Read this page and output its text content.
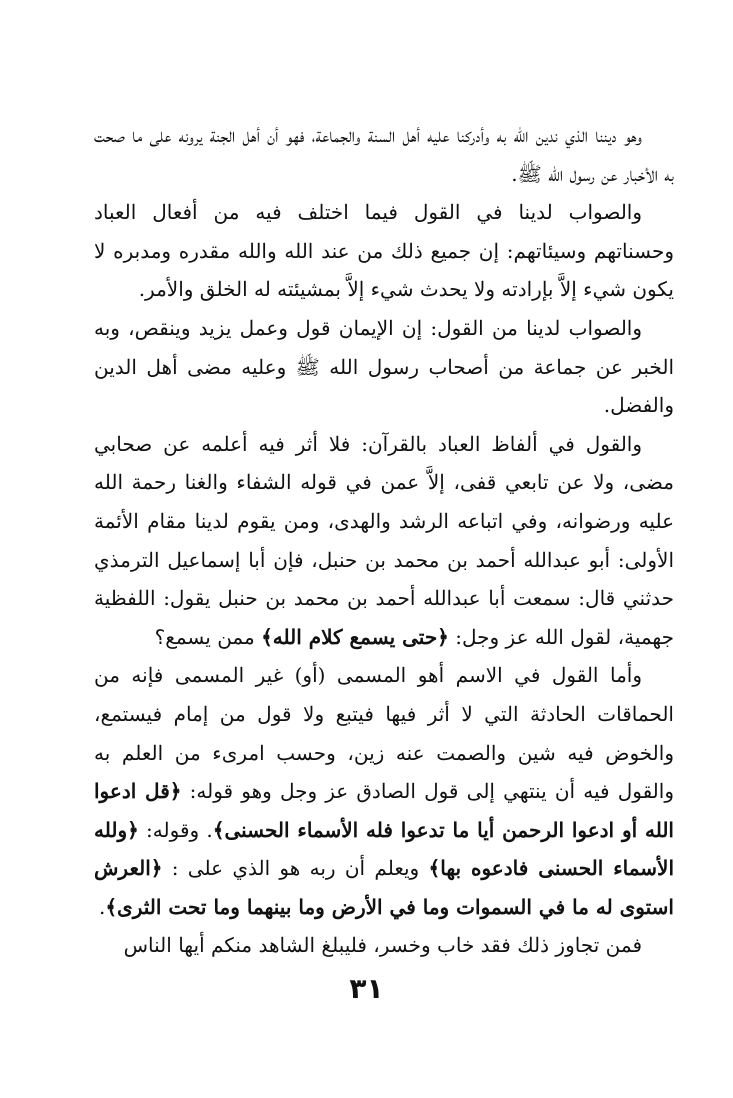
وهو ديننا الذي ندين الله به وأدركنا عليه أهل السنة والجماعة، فهو أن أهل الجنة يرونه على ما صحت به الأخبار عن رسول الله ﷺ.

والصواب لدينا في القول فيما اختلف فيه من أفعال العباد وحسناتهم وسيئاتهم: إن جميع ذلك من عند الله والله مقدره ومدبره لا يكون شيء إلاَّ بإرادته ولا يحدث شيء إلاَّ بمشيئته له الخلق والأمر.

والصواب لدينا من القول: إن الإيمان قول وعمل يزيد وينقص، وبه الخبر عن جماعة من أصحاب رسول الله ﷺ وعليه مضى أهل الدين والفضل.

والقول في ألفاظ العباد بالقرآن: فلا أثر فيه أعلمه عن صحابي مضى، ولا عن تابعي قفى، إلاَّ عمن في قوله الشفاء والغنا رحمة الله عليه ورضوانه، وفي اتباعه الرشد والهدى، ومن يقوم لدينا مقام الأئمة الأولى: أبو عبدالله أحمد بن محمد بن حنبل، فإن أبا إسماعيل الترمذي حدثني قال: سمعت أبا عبدالله أحمد بن محمد بن حنبل يقول: اللفظية جهمية، لقول الله عز وجل: ﴿حتى يسمع كلام الله﴾ ممن يسمع؟

وأما القول في الاسم أهو المسمى (أو) غير المسمى فإنه من الحماقات الحادثة التي لا أثر فيها فيتبع ولا قول من إمام فيستمع، والخوض فيه شين والصمت عنه زين، وحسب امرىء من العلم به والقول فيه أن ينتهي إلى قول الصادق عز وجل وهو قوله: ﴿قل ادعوا الله أو ادعوا الرحمن أيا ما تدعوا فله الأسماء الحسنى﴾. وقوله: ﴿ولله الأسماء الحسنى فادعوه بها﴾ ويعلم أن ربه هو الذي على : ﴿العرش استوى له ما في السموات وما في الأرض وما بينهما وما تحت الثرى﴾.

فمن تجاوز ذلك فقد خاب وخسر، فليبلغ الشاهد منكم أيها الناس

٣١
